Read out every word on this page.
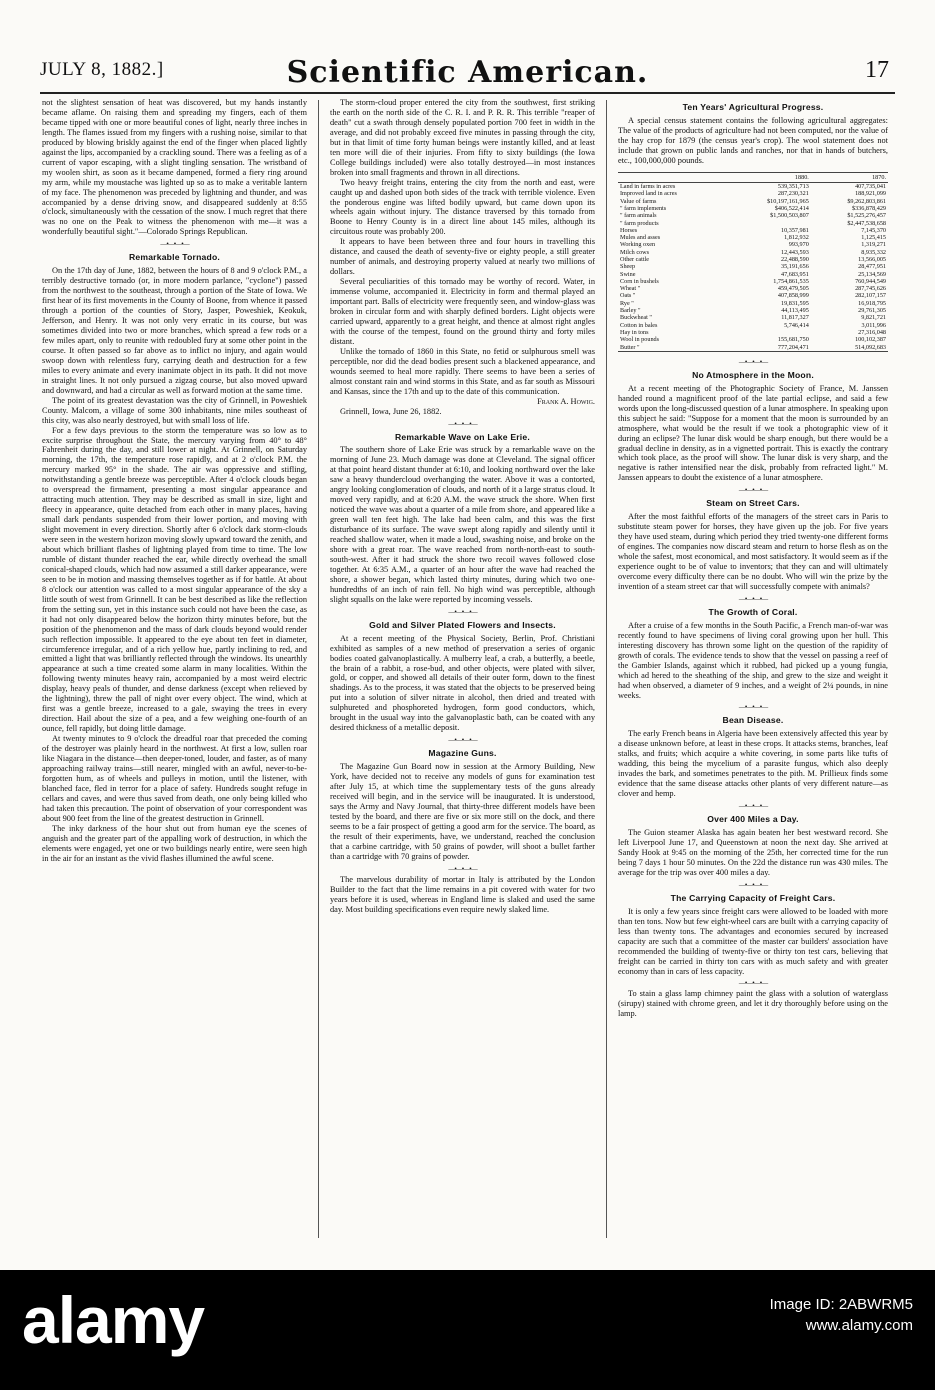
JULY 8, 1882.]	Scientific American.	17

not the slightest sensation of heat was discovered, but my hands instantly became aflame. On raising them and spreading my fingers, each of them became tipped with one or more beautiful cones of light, nearly three inches in length. The flames issued from my fingers with a rushing noise, similar to that produced by blowing briskly against the end of the finger when placed lightly against the lips, accompanied by a crackling sound. There was a feeling as of a current of vapor escaping, with a slight tingling sensation. The wristband of my woolen shirt, as soon as it became dampened, formed a fiery ring around my arm, while my moustache was lighted up so as to make a veritable lantern of my face. The phenomenon was preceded by lightning and thunder, and was accompanied by a dense driving snow, and disappeared suddenly at 8:55 o'clock, simultaneously with the cessation of the snow. I much regret that there was no one on the Peak to witness the phenomenon with me—it was a wonderfully beautiful sight."—Colorado Springs Republican.

—•—•—•—
Remarkable Tornado.

On the 17th day of June, 1882, between the hours of 8 and 9 o'clock P.M., a terribly destructive tornado (or, in more modern parlance, "cyclone") passed from the northwest to the southeast, through a portion of the State of Iowa. We first hear of its first movements in the County of Boone, from whence it passed through a portion of the counties of Story, Jasper, Poweshiek, Keokuk, Jefferson, and Henry. It was not only very erratic in its course, but was sometimes divided into two or more branches, which spread a few rods or a few miles apart, only to reunite with redoubled fury at some other point in the course. It often passed so far above as to inflict no injury, and again would swoop down with relentless fury, carrying death and destruction for a few miles to every animate and every inanimate object in its path. It did not move in straight lines. It not only pursued a zigzag course, but also moved upward and downward, and had a circular as well as forward motion at the same time.

The point of its greatest devastation was the city of Grinnell, in Poweshiek County. Malcom, a village of some 300 inhabitants, nine miles southeast of this city, was also nearly destroyed, but with small loss of life.

For a few days previous to the storm the temperature was so low as to excite surprise throughout the State, the mercury varying from 40° to 48° Fahrenheit during the day, and still lower at night. At Grinnell, on Saturday morning, the 17th, the temperature rose rapidly, and at 2 o'clock P.M. the mercury marked 95° in the shade. The air was oppressive and stifling, notwithstanding a gentle breeze was perceptible. After 4 o'clock clouds began to overspread the firmament, presenting a most singular appearance and attracting much attention. They may be described as small in size, light and fleecy in appearance, quite detached from each other in many places, having small dark pendants suspended from their lower portion, and moving with slight movement in every direction. Shortly after 6 o'clock dark storm-clouds were seen in the western horizon moving slowly upward toward the zenith, and about which brilliant flashes of lightning played from time to time. The low rumble of distant thunder reached the ear, while directly overhead the small conical-shaped clouds, which had now assumed a still darker appearance, were seen to be in motion and massing themselves together as if for battle. At about 8 o'clock our attention was called to a most singular appearance of the sky a little south of west from Grinnell. It can be best described as like the reflection from the setting sun, yet in this instance such could not have been the case, as it had not only disappeared below the horizon thirty minutes before, but the position of the phenomenon and the mass of dark clouds beyond would render such reflection impossible. It appeared to the eye about ten feet in diameter, circumference irregular, and of a rich yellow hue, partly inclining to red, and emitted a light that was brilliantly reflected through the windows. Its unearthly appearance at such a time created some alarm in many localities. Within the following twenty minutes heavy rain, accompanied by a most weird electric display, heavy peals of thunder, and dense darkness (except when relieved by the lightning), threw the pall of night over every object. The wind, which at first was a gentle breeze, increased to a gale, swaying the trees in every direction. Hail about the size of a pea, and a few weighing one-fourth of an ounce, fell rapidly, but doing little damage.

At twenty minutes to 9 o'clock the dreadful roar that preceded the coming of the destroyer was plainly heard in the northwest. At first a low, sullen roar like Niagara in the distance—then deeper-toned, louder, and faster, as of many approaching railway trains—still nearer, mingled with an awful, never-to-be-forgotten hum, as of wheels and pulleys in motion, until the listener, with blanched face, fled in terror for a place of safety. Hundreds sought refuge in cellars and caves, and were thus saved from death, one only being killed who had taken this precaution. The point of observation of your correspondent was about 900 feet from the line of the greatest destruction in Grinnell.

The inky darkness of the hour shut out from human eye the scenes of anguish and the greater part of the appalling work of destruction, in which the elements were engaged, yet one or two buildings nearly entire, were seen high in the air for an instant as the vivid flashes illumined the awful scene.

The storm-cloud proper entered the city from the southwest, first striking the earth on the north side of the C. R. I. and P. R. R. This terrible "reaper of death" cut a swath through densely populated portion 700 feet in width in the average, and did not probably exceed five minutes in passing through the city, but in that limit of time forty human beings were instantly killed, and at least ten more will die of their injuries. From fifty to sixty buildings (the Iowa College buildings included) were also totally destroyed—in most instances broken into small fragments and thrown in all directions.

Two heavy freight trains, entering the city from the north and east, were caught up and dashed upon both sides of the track with terrible violence. Even the ponderous engine was lifted bodily upward, but came down upon its wheels again without injury. The distance traversed by this tornado from Boone to Henry County is in a direct line about 145 miles, although its circuitous route was probably 200.

It appears to have been between three and four hours in travelling this distance, and caused the death of seventy-five or eighty people, a still greater number of animals, and destroying property valued at nearly two millions of dollars.

Several peculiarities of this tornado may be worthy of record. Water, in immense volume, accompanied it. Electricity in form and thermal played an important part. Balls of electricity were frequently seen, and window-glass was broken in circular form and with sharply defined borders. Light objects were carried upward, apparently to a great height, and thence at almost right angles with the course of the tempest, found on the ground thirty and forty miles distant.

Unlike the tornado of 1860 in this State, no fetid or sulphurous smell was perceptible, nor did the dead bodies present such a blackened appearance, and wounds seemed to heal more rapidly. There seems to have been a series of almost constant rain and wind storms in this State, and as far south as Missouri and Kansas, since the 17th and up to the date of this communication.

Frank A. Howig.

Grinnell, Iowa, June 26, 1882.

—•—•—•—
Remarkable Wave on Lake Erie.

The southern shore of Lake Erie was struck by a remarkable wave on the morning of June 23. Much damage was done at Cleveland. The signal officer at that point heard distant thunder at 6:10, and looking northward over the lake saw a heavy thundercloud overhanging the water. Above it was a contorted, angry looking conglomeration of clouds, and north of it a large stratus cloud. It moved very rapidly, and at 6:20 A.M. the wave struck the shore. When first noticed the wave was about a quarter of a mile from shore, and appeared like a green wall ten feet high. The lake had been calm, and this was the first disturbance of its surface. The wave swept along rapidly and silently until it reached shallow water, when it made a loud, swashing noise, and broke on the shore with a great roar. The wave reached from north-north-east to south-south-west. After it had struck the shore two recoil waves followed close together. At 6:35 A.M., a quarter of an hour after the wave had reached the shore, a shower began, which lasted thirty minutes, during which two one-hundredths of an inch of rain fell. No high wind was perceptible, although slight squalls on the lake were reported by incoming vessels.

—•—•—•—
Gold and Silver Plated Flowers and Insects.

At a recent meeting of the Physical Society, Berlin, Prof. Christiani exhibited as samples of a new method of preservation a series of organic bodies coated galvanoplastically. A mulberry leaf, a crab, a butterfly, a beetle, the brain of a rabbit, a rose-bud, and other objects, were plated with silver, gold, or copper, and showed all details of their outer form, down to the finest shadings. As to the process, it was stated that the objects to be preserved being put into a solution of silver nitrate in alcohol, then dried and treated with sulphureted and phosphoreted hydrogen, form good conductors, which, brought in the usual way into the galvanoplastic bath, can be coated with any desired thickness of a metallic deposit.

—•—•—•—
Magazine Guns.

The Magazine Gun Board now in session at the Armory Building, New York, have decided not to receive any models of guns for examination test after July 15, at which time the supplementary tests of the guns already received will begin, and in the service will be inaugurated. It is understood, says the Army and Navy Journal, that thirty-three different models have been tested by the board, and there are five or six more still on the dock, and there seems to be a fair prospect of getting a good arm for the service. The board, as the result of their experiments, have, we understand, reached the conclusion that a carbine cartridge, with 50 grains of powder, will shoot a bullet farther than a cartridge with 70 grains of powder.

—•—•—•—

The marvelous durability of mortar in Italy is attributed by the London Builder to the fact that the lime remains in a pit covered with water for two years before it is used, whereas in England lime is slaked and used the same day. Most building specifications even require newly slaked lime.

Ten Years' Agricultural Progress.

A special census statement contains the following agricultural aggregates: The value of the products of agriculture had not been computed, nor the value of the hay crop for 1879 (the census year's crop). The wool statement does not include that grown on public lands and ranches, nor that in hands of butchers, etc., 100,000,000 pounds.

	1880.	1870.
Land in farms in acres	539,351,713	407,735,041
Improved land in acres	287,230,321	188,921,099
Value of farms	$10,197,161,965	$9,262,803,861
" farm implements	$406,522,414	$336,878,429
" farm animals	$1,500,503,807	$1,525,276,457
" farm products		$2,447,538,658
Horses	10,357,981	7,145,370
Mules and asses	1,812,932	1,125,415
Working oxen	993,970	1,319,271
Milch cows	12,443,593	8,935,332
Other cattle	22,488,590	13,566,005
Sheep	35,191,656	28,477,951
Swine	47,683,951	25,134,569
Corn in bushels	1,754,861,535	760,944,549
Wheat "	459,479,505	287,745,626
Oats "	407,858,999	282,107,157
Rye "	19,831,595	16,918,795
Barley "	44,113,495	29,761,305
Buckwheat "	11,817,327	9,821,721
Cotton in bales	5,746,414	3,011,996
Hay in tons		27,316,048
Wool in pounds	155,681,750	100,102,387
Butter "	777,204,471	514,092,683
—•—•—•—
No Atmosphere in the Moon.

At a recent meeting of the Photographic Society of France, M. Janssen handed round a magnificent proof of the late partial eclipse, and said a few words upon the long-discussed question of a lunar atmosphere. In speaking upon this subject he said: "Suppose for a moment that the moon is surrounded by an atmosphere, what would be the result if we took a photographic view of it during an eclipse? The lunar disk would be sharp enough, but there would be a gradual decline in density, as in a vignetted portrait. This is exactly the contrary which took place, as the proof will show. The lunar disk is very sharp, and the negative is rather intensified near the disk, probably from refracted light." M. Janssen appears to doubt the existence of a lunar atmosphere.

—•—•—•—
Steam on Street Cars.

After the most faithful efforts of the managers of the street cars in Paris to substitute steam power for horses, they have given up the job. For five years they have used steam, during which period they tried twenty-one different forms of engines. The companies now discard steam and return to horse flesh as on the whole the safest, most economical, and most satisfactory. It would seem as if the experience ought to be of value to inventors; that they can and will ultimately overcome every difficulty there can be no doubt. Who will win the prize by the invention of a steam street car that will successfully compete with animals?

—•—•—•—
The Growth of Coral.

After a cruise of a few months in the South Pacific, a French man-of-war was recently found to have specimens of living coral growing upon her hull. This interesting discovery has thrown some light on the question of the rapidity of growth of corals. The evidence tends to show that the vessel on passing a reef of the Gambier Islands, against which it rubbed, had picked up a young fungia, which ad hered to the sheathing of the ship, and grew to the size and weight it had when observed, a diameter of 9 inches, and a weight of 2¼ pounds, in nine weeks.

—•—•—•—
Bean Disease.

The early French beans in Algeria have been extensively affected this year by a disease unknown before, at least in these crops. It attacks stems, branches, leaf stalks, and fruits; which acquire a white covering, in some parts like tufts of wadding, this being the mycelium of a parasite fungus, which also deeply invades the bark, and sometimes penetrates to the pith. M. Prillieux finds some evidence that the same disease attacks other plants of very different nature—as clover and hemp.

—•—•—•—
Over 400 Miles a Day.

The Guion steamer Alaska has again beaten her best westward record. She left Liverpool June 17, and Queenstown at noon the next day. She arrived at Sandy Hook at 9:45 on the morning of the 25th, her corrected time for the run being 7 days 1 hour 50 minutes. On the 22d the distance run was 430 miles. The average for the trip was over 400 miles a day.

—•—•—•—
The Carrying Capacity of Freight Cars.

It is only a few years since freight cars were allowed to be loaded with more than ten tons. Now but few eight-wheel cars are built with a carrying capacity of less than twenty tons. The advantages and economies secured by increased capacity are such that a committee of the master car builders' association have recommended the building of twenty-five or thirty ton test cars, believing that freight can be carried in thirty ton cars with as much safety and with greater economy than in cars of less capacity.

—•—•—•—

To stain a glass lamp chimney paint the glass with a solution of waterglass (sirupy) stained with chrome green, and let it dry thoroughly before using on the lamp.

alamy	Image ID: 2ABWRM5
www.alamy.com
